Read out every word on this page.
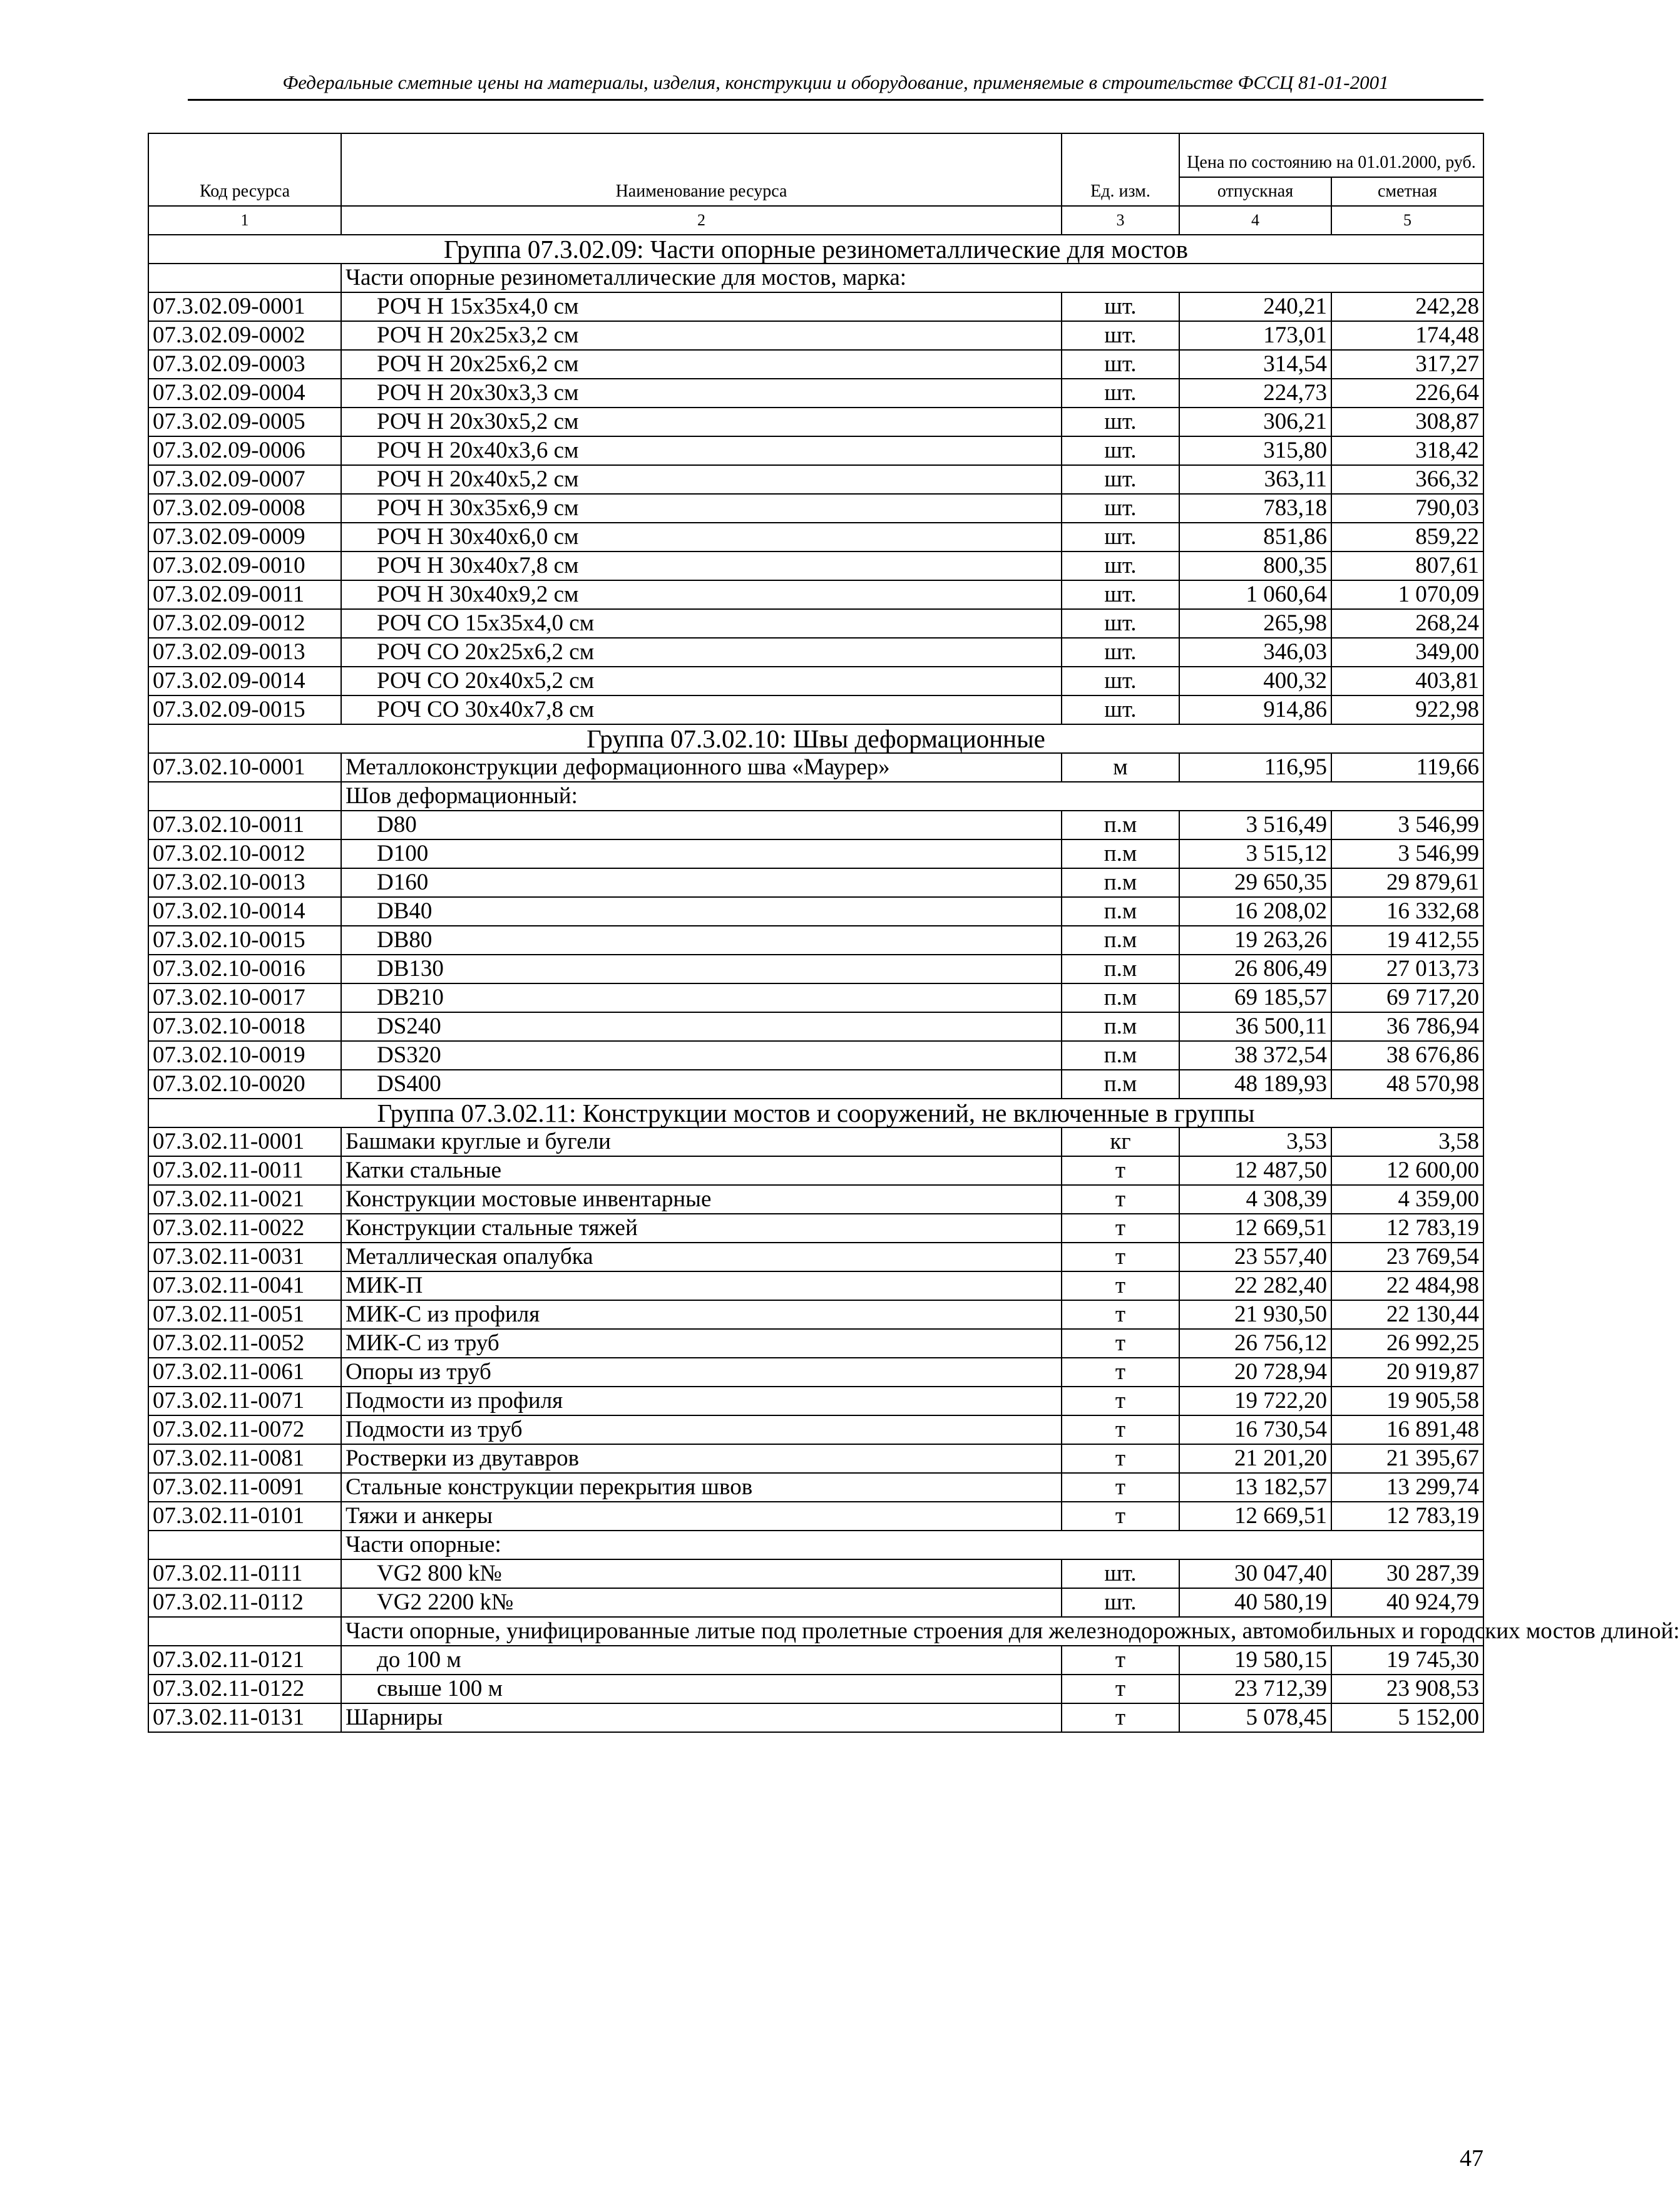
Федеральные сметные цены на материалы, изделия, конструкции и оборудование, применяемые в строительстве ФССЦ 81-01-2001
Код ресурса	Наименование ресурса	Ед. изм.	Цена по состоянию на 01.01.2000, руб.	
			отпускная	сметная
1	2	3	4	5
Группа 07.3.02.09: Части опорные резинометаллические для мостов				
	Части опорные резинометаллические для мостов, марка:			
07.3.02.09-0001	РОЧ Н 15х35х4,0 см	шт.	240,21	242,28
07.3.02.09-0002	РОЧ Н 20х25х3,2 см	шт.	173,01	174,48
07.3.02.09-0003	РОЧ Н 20х25х6,2 см	шт.	314,54	317,27
07.3.02.09-0004	РОЧ Н 20х30х3,3 см	шт.	224,73	226,64
07.3.02.09-0005	РОЧ Н 20х30х5,2 см	шт.	306,21	308,87
07.3.02.09-0006	РОЧ Н 20х40х3,6 см	шт.	315,80	318,42
07.3.02.09-0007	РОЧ Н 20х40х5,2 см	шт.	363,11	366,32
07.3.02.09-0008	РОЧ Н 30х35х6,9 см	шт.	783,18	790,03
07.3.02.09-0009	РОЧ Н 30х40х6,0 см	шт.	851,86	859,22
07.3.02.09-0010	РОЧ Н 30х40х7,8 см	шт.	800,35	807,61
07.3.02.09-0011	РОЧ Н 30х40х9,2 см	шт.	1 060,64	1 070,09
07.3.02.09-0012	РОЧ СО 15х35х4,0 см	шт.	265,98	268,24
07.3.02.09-0013	РОЧ СО 20х25х6,2 см	шт.	346,03	349,00
07.3.02.09-0014	РОЧ СО 20х40х5,2 см	шт.	400,32	403,81
07.3.02.09-0015	РОЧ СО 30х40х7,8 см	шт.	914,86	922,98
Группа 07.3.02.10: Швы деформационные				
07.3.02.10-0001	Металлоконструкции деформационного шва «Маурер»	м	116,95	119,66
	Шов деформационный:			
07.3.02.10-0011	D80	п.м	3 516,49	3 546,99
07.3.02.10-0012	D100	п.м	3 515,12	3 546,99
07.3.02.10-0013	D160	п.м	29 650,35	29 879,61
07.3.02.10-0014	DB40	п.м	16 208,02	16 332,68
07.3.02.10-0015	DB80	п.м	19 263,26	19 412,55
07.3.02.10-0016	DB130	п.м	26 806,49	27 013,73
07.3.02.10-0017	DB210	п.м	69 185,57	69 717,20
07.3.02.10-0018	DS240	п.м	36 500,11	36 786,94
07.3.02.10-0019	DS320	п.м	38 372,54	38 676,86
07.3.02.10-0020	DS400	п.м	48 189,93	48 570,98
Группа 07.3.02.11: Конструкции мостов и сооружений, не включенные в группы				
07.3.02.11-0001	Башмаки круглые и бугели	кг	3,53	3,58
07.3.02.11-0011	Катки стальные	т	12 487,50	12 600,00
07.3.02.11-0021	Конструкции мостовые инвентарные	т	4 308,39	4 359,00
07.3.02.11-0022	Конструкции стальные тяжей	т	12 669,51	12 783,19
07.3.02.11-0031	Металлическая опалубка	т	23 557,40	23 769,54
07.3.02.11-0041	МИК-П	т	22 282,40	22 484,98
07.3.02.11-0051	МИК-С из профиля	т	21 930,50	22 130,44
07.3.02.11-0052	МИК-С из труб	т	26 756,12	26 992,25
07.3.02.11-0061	Опоры из труб	т	20 728,94	20 919,87
07.3.02.11-0071	Подмости из профиля	т	19 722,20	19 905,58
07.3.02.11-0072	Подмости из труб	т	16 730,54	16 891,48
07.3.02.11-0081	Ростверки из двутавров	т	21 201,20	21 395,67
07.3.02.11-0091	Стальные конструкции перекрытия швов	т	13 182,57	13 299,74
07.3.02.11-0101	Тяжи и анкеры	т	12 669,51	12 783,19
	Части опорные:			
07.3.02.11-0111	VG2 800 k№	шт.	30 047,40	30 287,39
07.3.02.11-0112	VG2 2200 k№	шт.	40 580,19	40 924,79
	Части опорные, унифицированные литые под пролетные строения для железнодорожных, автомобильных и городских мостов длиной:			
07.3.02.11-0121	до 100 м	т	19 580,15	19 745,30
07.3.02.11-0122	свыше 100 м	т	23 712,39	23 908,53
07.3.02.11-0131	Шарниры	т	5 078,45	5 152,00
47
